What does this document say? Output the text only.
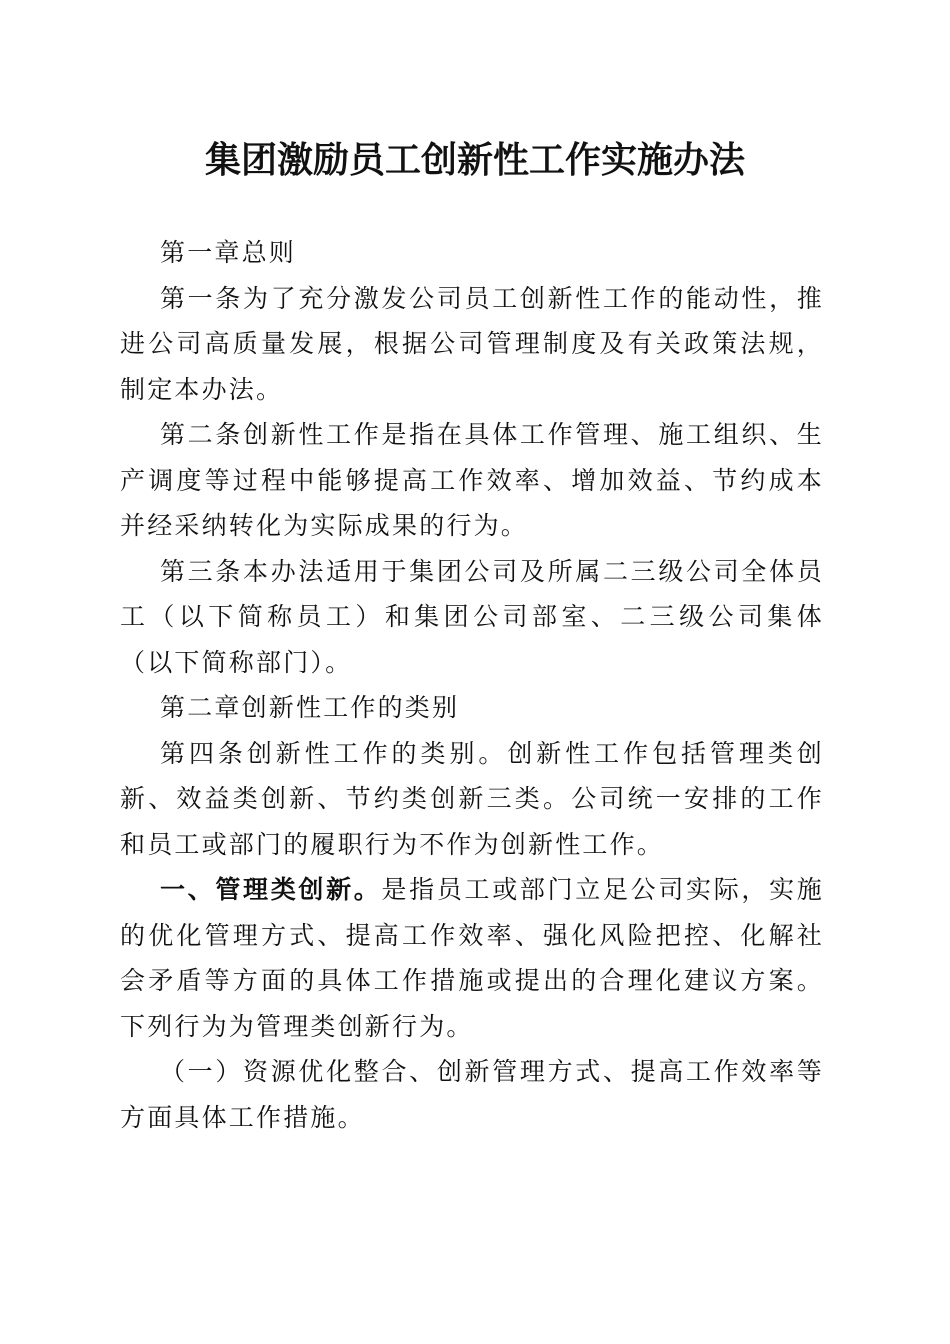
集团激励员工创新性工作实施办法

第一章总则

第一条为了充分激发公司员工创新性工作的能动性，推进公司高质量发展，根据公司管理制度及有关政策法规，制定本办法。

第二条创新性工作是指在具体工作管理、施工组织、生产调度等过程中能够提高工作效率、增加效益、节约成本并经采纳转化为实际成果的行为。

第三条本办法适用于集团公司及所属二三级公司全体员工（以下简称员工）和集团公司部室、二三级公司集体（以下简称部门）。

第二章创新性工作的类别

第四条创新性工作的类别。创新性工作包括管理类创新、效益类创新、节约类创新三类。公司统一安排的工作和员工或部门的履职行为不作为创新性工作。

一、管理类创新。是指员工或部门立足公司实际，实施的优化管理方式、提高工作效率、强化风险把控、化解社会矛盾等方面的具体工作措施或提出的合理化建议方案。下列行为为管理类创新行为。

（一）资源优化整合、创新管理方式、提高工作效率等方面具体工作措施。
